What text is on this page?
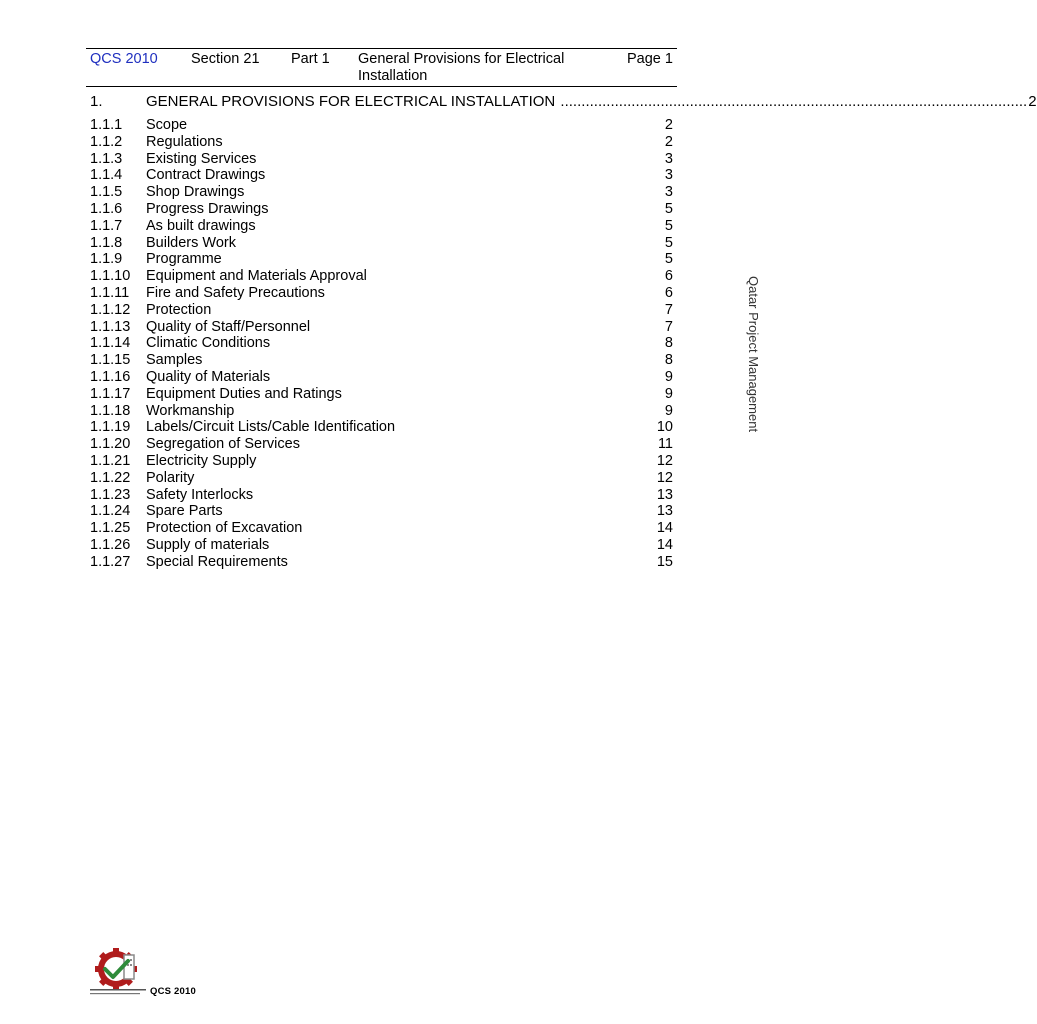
QCS 2010 Section 21 Part 1 General Provisions for Electrical Installation
Page 1
1.	GENERAL PROVISIONS FOR ELECTRICAL INSTALLATION ................................................................................................................ 2
1.1.1 Scope	2
1.1.2 Regulations	2
1.1.3 Existing Services	3
1.1.4 Contract Drawings	3
1.1.5 Shop Drawings	3
1.1.6 Progress Drawings	5
1.1.7 As built drawings	5
1.1.8 Builders Work	5
1.1.9 Programme	5
1.1.10 Equipment and Materials Approval	6
1.1.11 Fire and Safety Precautions	6
1.1.12 Protection	7
1.1.13 Quality of Staff/Personnel	7
1.1.14 Climatic Conditions	8
1.1.15 Samples	8
1.1.16 Quality of Materials	9
1.1.17 Equipment Duties and Ratings	9
1.1.18 Workmanship	9
1.1.19 Labels/Circuit Lists/Cable Identification	10
1.1.20 Segregation of Services	11
1.1.21 Electricity Supply	12
1.1.22 Polarity	12
1.1.23 Safety Interlocks	13
1.1.24 Spare Parts	13
1.1.25 Protection of Excavation	14
1.1.26 Supply of materials	14
1.1.27 Special Requirements	15
Qatar Project Management
QCS 2010
